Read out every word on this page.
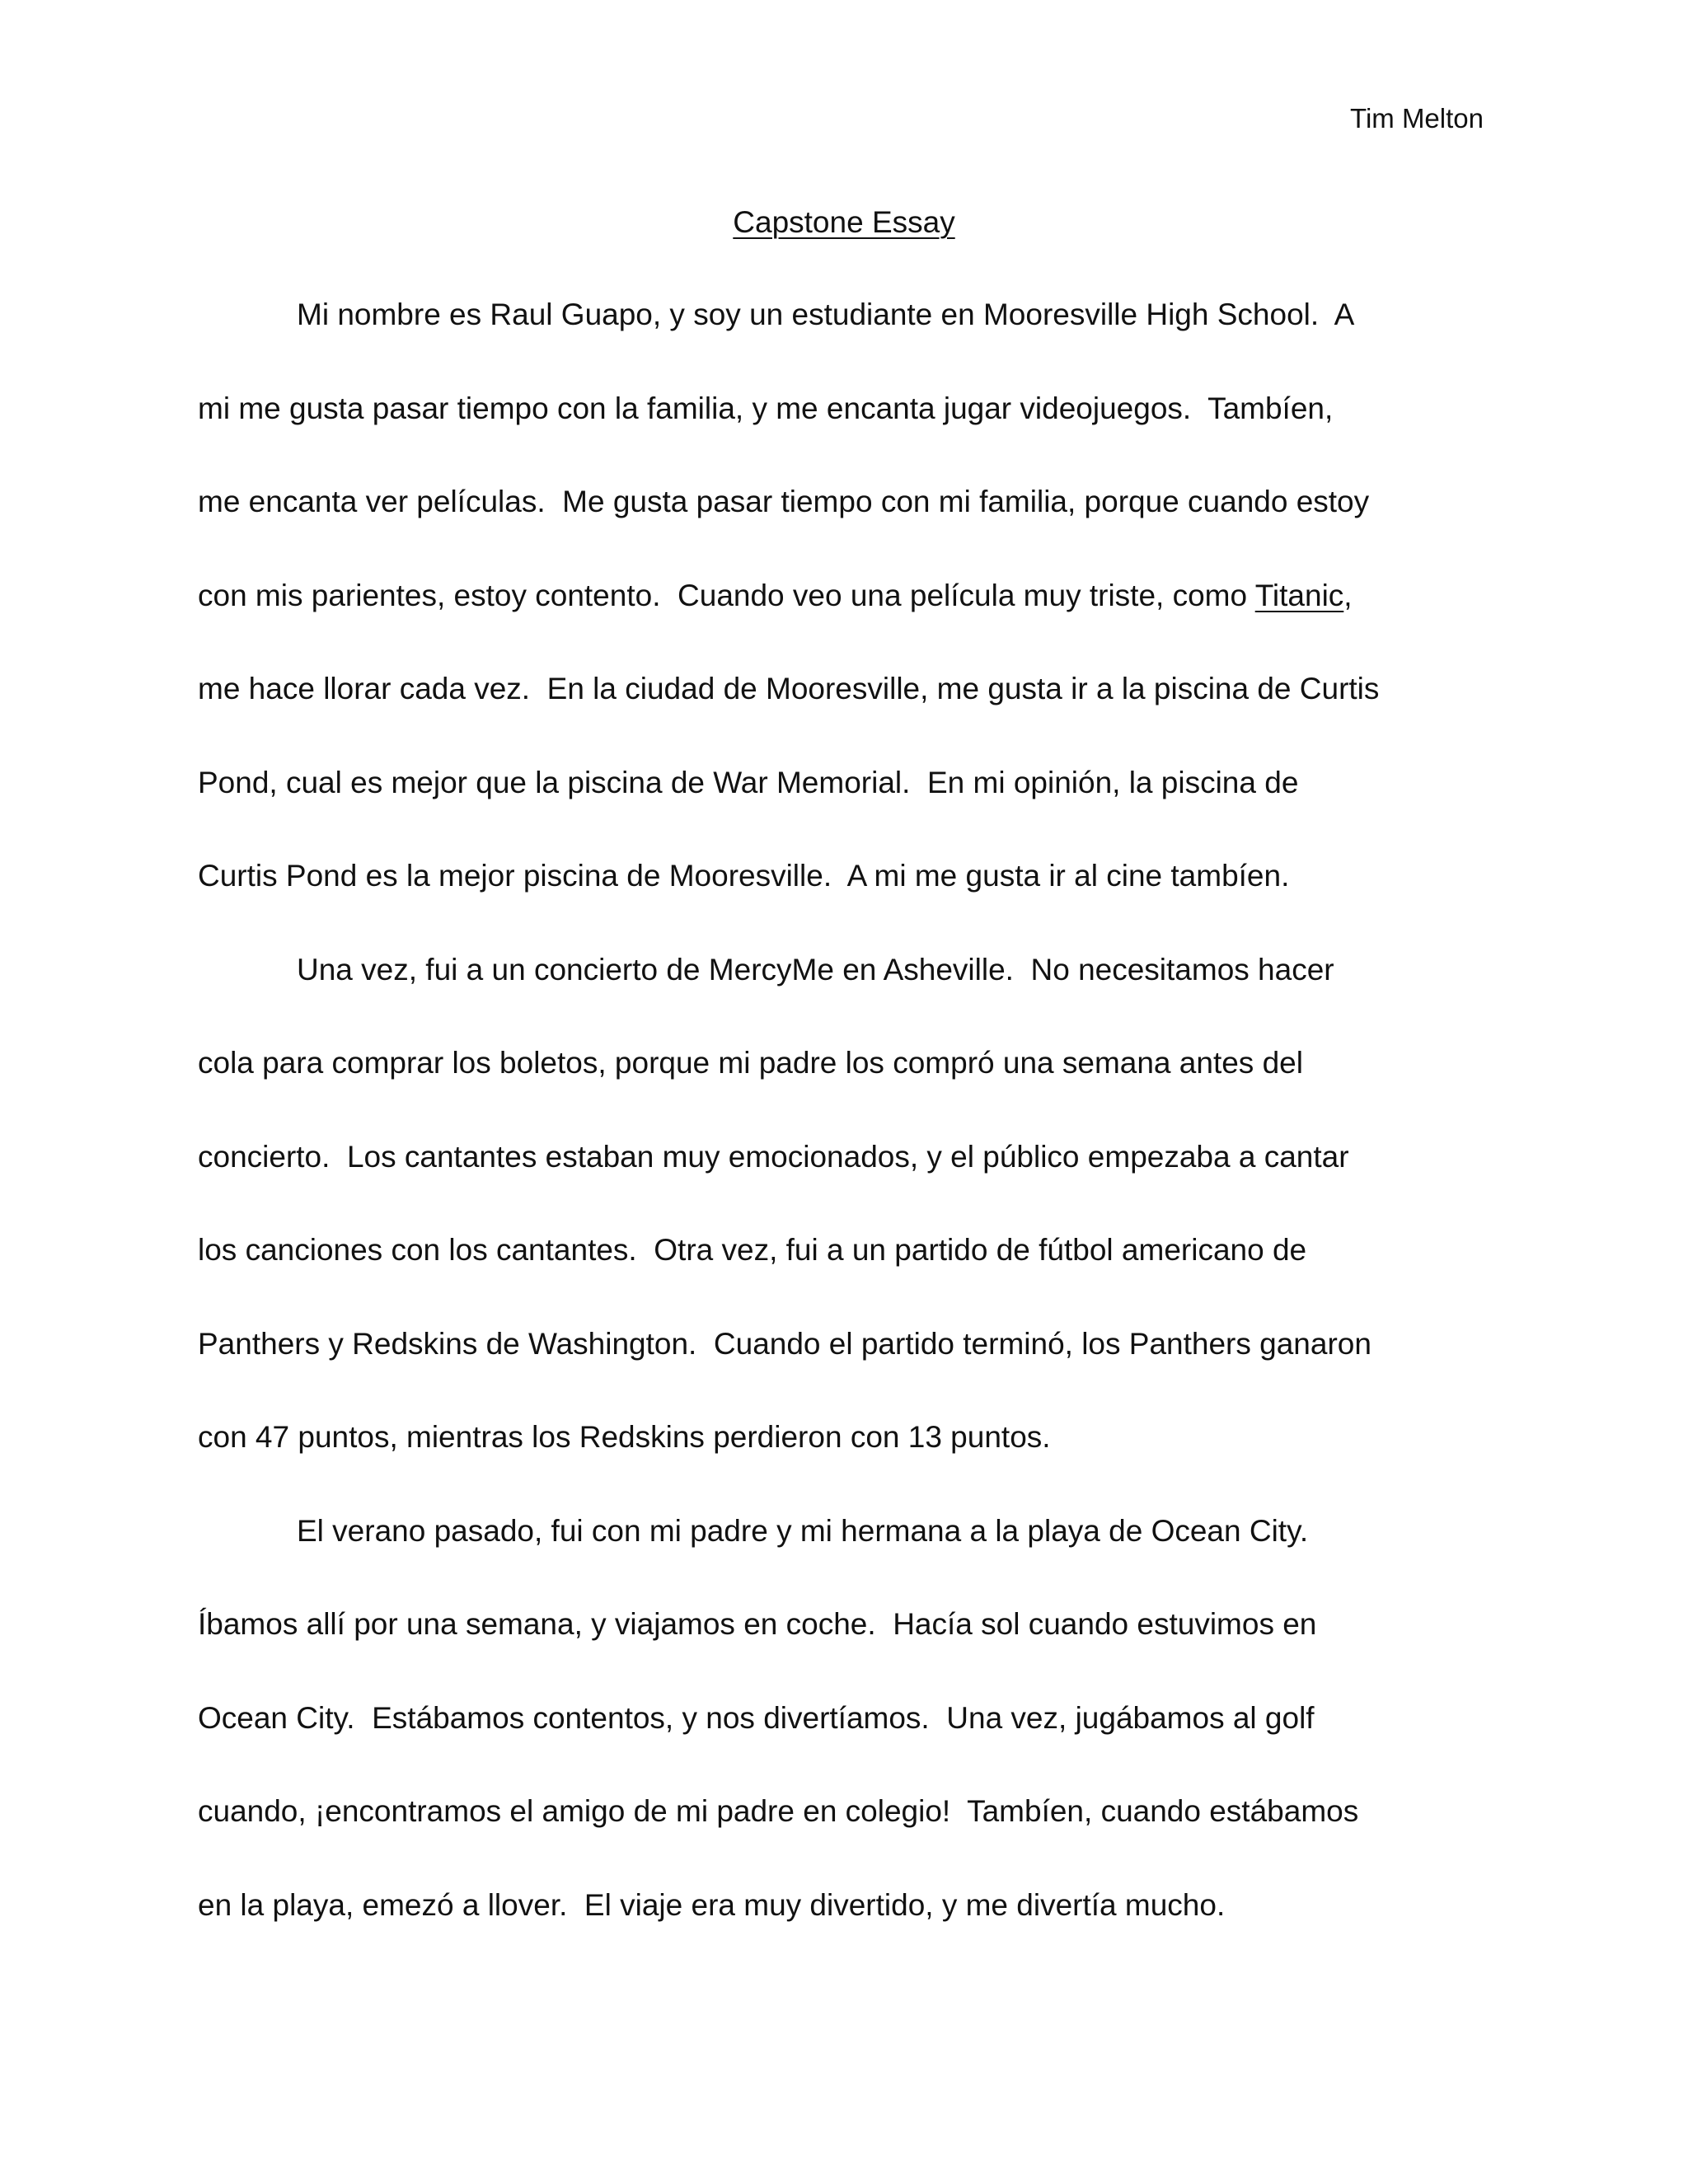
Tim Melton

Capstone Essay

Mi nombre es Raul Guapo, y soy un estudiante en Mooresville High School.  A

mi me gusta pasar tiempo con la familia, y me encanta jugar videojuegos.  Tambíen,

me encanta ver películas.  Me gusta pasar tiempo con mi familia, porque cuando estoy

con mis parientes, estoy contento.  Cuando veo una película muy triste, como Titanic,

me hace llorar cada vez.  En la ciudad de Mooresville, me gusta ir a la piscina de Curtis

Pond, cual es mejor que la piscina de War Memorial.  En mi opinión, la piscina de

Curtis Pond es la mejor piscina de Mooresville.  A mi me gusta ir al cine tambíen.

Una vez, fui a un concierto de MercyMe en Asheville.  No necesitamos hacer

cola para comprar los boletos, porque mi padre los compró una semana antes del

concierto.  Los cantantes estaban muy emocionados, y el público empezaba a cantar

los canciones con los cantantes.  Otra vez, fui a un partido de fútbol americano de

Panthers y Redskins de Washington.  Cuando el partido terminó, los Panthers ganaron

con 47 puntos, mientras los Redskins perdieron con 13 puntos.

El verano pasado, fui con mi padre y mi hermana a la playa de Ocean City.

Íbamos allí por una semana, y viajamos en coche.  Hacía sol cuando estuvimos en

Ocean City.  Estábamos contentos, y nos divertíamos.  Una vez, jugábamos al golf

cuando, ¡encontramos el amigo de mi padre en colegio!  Tambíen, cuando estábamos

en la playa, emezó a llover.  El viaje era muy divertido, y me divertía mucho.
